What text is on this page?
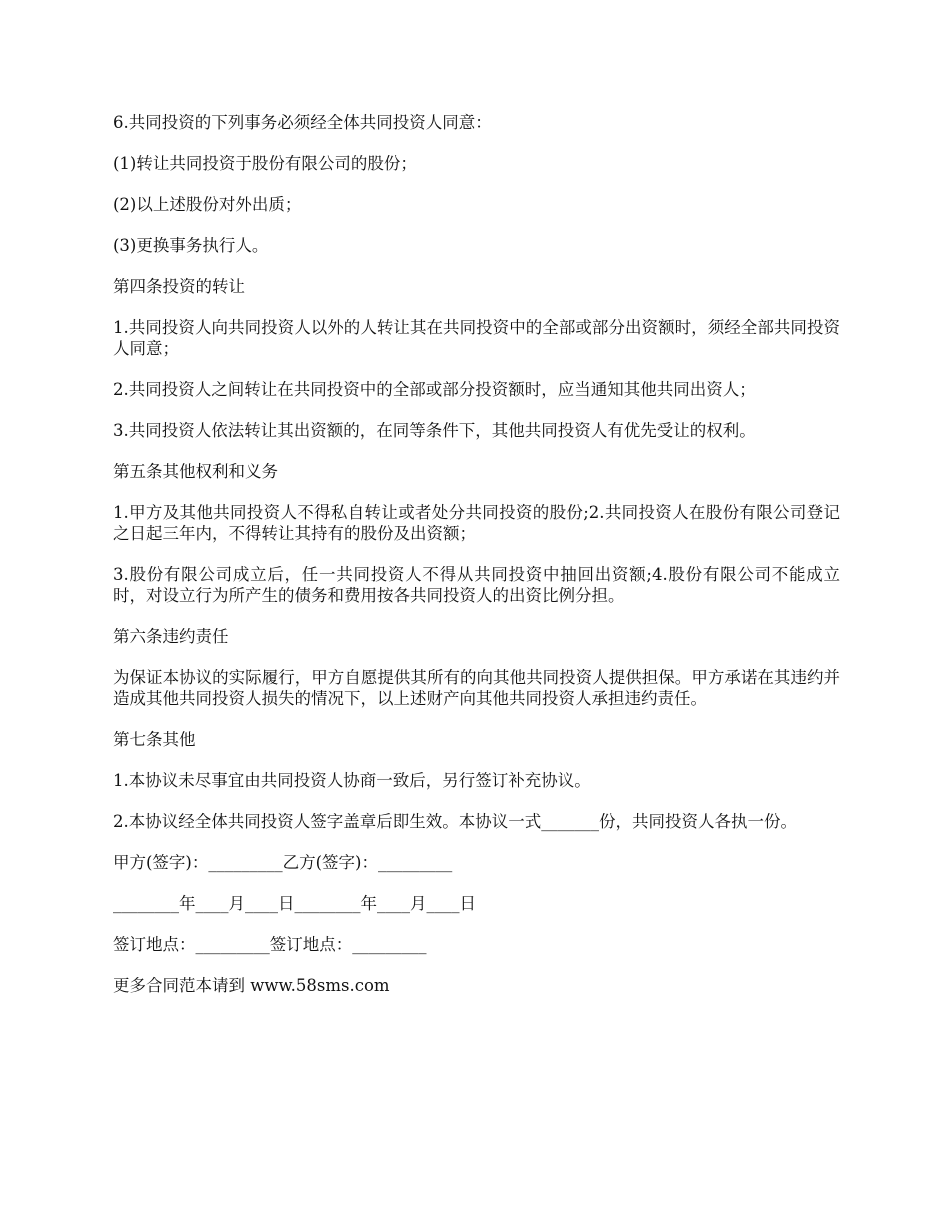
6.共同投资的下列事务必须经全体共同投资人同意：

(1)转让共同投资于股份有限公司的股份；

(2)以上述股份对外出质；

(3)更换事务执行人。

第四条投资的转让

1.共同投资人向共同投资人以外的人转让其在共同投资中的全部或部分出资额时，须经全部共同投资人同意；

2.共同投资人之间转让在共同投资中的全部或部分投资额时，应当通知其他共同出资人；

3.共同投资人依法转让其出资额的，在同等条件下，其他共同投资人有优先受让的权利。

第五条其他权利和义务

1.甲方及其他共同投资人不得私自转让或者处分共同投资的股份;2.共同投资人在股份有限公司登记之日起三年内，不得转让其持有的股份及出资额；

3.股份有限公司成立后，任一共同投资人不得从共同投资中抽回出资额;4.股份有限公司不能成立时，对设立行为所产生的债务和费用按各共同投资人的出资比例分担。

第六条违约责任

为保证本协议的实际履行，甲方自愿提供其所有的向其他共同投资人提供担保。甲方承诺在其违约并造成其他共同投资人损失的情况下，以上述财产向其他共同投资人承担违约责任。

第七条其他

1.本协议未尽事宜由共同投资人协商一致后，另行签订补充协议。

2.本协议经全体共同投资人签字盖章后即生效。本协议一式_______份，共同投资人各执一份。

甲方(签字)：_________乙方(签字)：_________

________年____月____日________年____月____日

签订地点：_________签订地点：_________

更多合同范本请到 www.58sms.com
